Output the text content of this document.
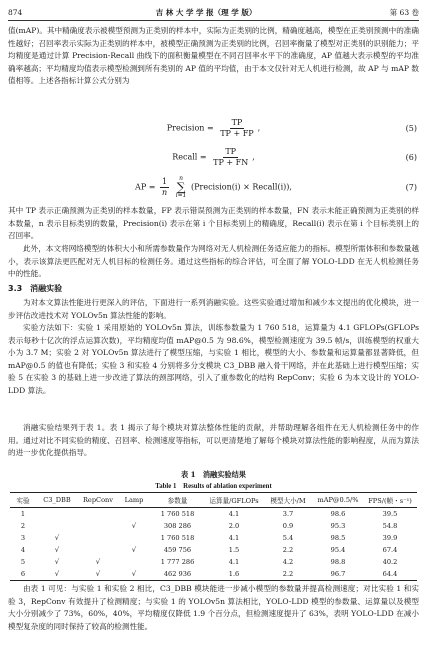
874	吉 林 大 学 学 报（理 学 版）	第 63 卷

值(mAP)。其中精确度表示被模型预测为正类别的样本中，实际为正类别的比例，精确度越高，模型在正类别预测中的准确性越好；召回率表示实际为正类别的样本中，被模型正确预测为正类别的比例，召回率衡量了模型对正类别的识别能力；平均精度是通过计算 Precision-Recall 曲线下的面积衡量模型在不同召回率水平下的准确度，AP 值越大表示模型的平均准确率越高；平均精度均值表示模型检测到所有类别的 AP 值的平均值，由于本文仅针对无人机进行检测，故 AP 与 mAP 数值相等。上述各指标计算公式分别为

Precision = $\frac{TP}{TP + FP}$ ,	(5)
Recall = $\frac{TP}{TP + FN}$ ,	(6)
AP = $\frac{1}{n}$
n
∑
i=1
(Precision(i) × Recall(i)),	(7)

其中 TP 表示正确预测为正类别的样本数量，FP 表示错误预测为正类别的样本数量，FN 表示未能正确预测为正类别的样本数量，n 表示目标类别的数量，Precision(i) 表示在第 i 个目标类别上的精确度，Recall(i) 表示在第 i 个目标类别上的召回率。

此外，本文将网络模型的体积大小和所需参数量作为网络对无人机检测任务适应能力的指标。模型所需体积和参数量越小，表示该算法更匹配对无人机目标的检测任务。通过这些指标的综合评估，可全面了解 YOLO-LDD 在无人机检测任务中的性能。

3.3　消融实验

为对本文算法性能进行更深入的评估，下面进行一系列消融实验。这些实验通过增加和减少本文提出的优化模块，进一步评估改进技术对 YOLOv5n 算法性能的影响。

实验方法如下：实验 1 采用原始的 YOLOv5n 算法，训练参数量为 1 760 518，运算量为 4.1 GFLOPs(GFLOPs 表示每秒十亿次的浮点运算次数)，平均精度均值 mAP@0.5 为 98.6%，模型检测速度为 39.5 帧/s，训练模型的权重大小为 3.7 M；实验 2 对 YOLOv5n 算法进行了模型压缩，与实验 1 相比，模型的大小、参数量和运算量都显著降低，但 mAP@0.5 的值也有降低；实验 3 和实验 4 分别将多分支模块 C3_DBB 融入骨干网络，并在此基础上进行模型压缩；实验 5 在实验 3 的基础上进一步改进了算法的颈部网络，引入了重参数化的结构 RepConv；实验 6 为本文设计的 YOLO-LDD 算法。

消融实验结果列于表 1。表 1 揭示了每个模块对算法整体性能的贡献，并帮助理解各组件在无人机检测任务中的作用。通过对比不同实验的精度、召回率、检测速度等指标，可以更清楚地了解每个模块对算法性能的影响程度，从而为算法的进一步优化提供指导。

表 1　消融实验结果
Table 1　Results of ablation experiment
实验	C3_DBB	RepConv	Lamp	参数量	运算量/GFLOPs	模型大小/M	mAP@0.5/%	FPS/(帧・s⁻¹)
1				1 760 518	4.1	3.7	98.6	39.5
2			√	308 286	2.0	0.9	95.3	54.8
3	√			1 760 518	4.1	5.4	98.5	39.9
4	√		√	459 756	1.5	2.2	95.4	67.4
5	√	√		1 777 286	4.1	4.2	98.8	40.2
6	√	√	√	462 936	1.6	2.2	96.7	64.4

由表 1 可见：与实验 1 和实验 2 相比，C3_DBB 模块能进一步减小模型的参数量并提高检测速度；对比实验 1 和实验 3，RepConv 有效提升了检测精度；与实验 1 的 YOLOv5n 算法相比，YOLO-LDD 模型的参数量、运算量以及模型大小分别减少了 73%，60%，40%，平均精度仅降低 1.9 个百分点，但检测速度提升了 63%，表明 YOLO-LDD 在减小模型复杂度的同时保持了较高的检测性能。
